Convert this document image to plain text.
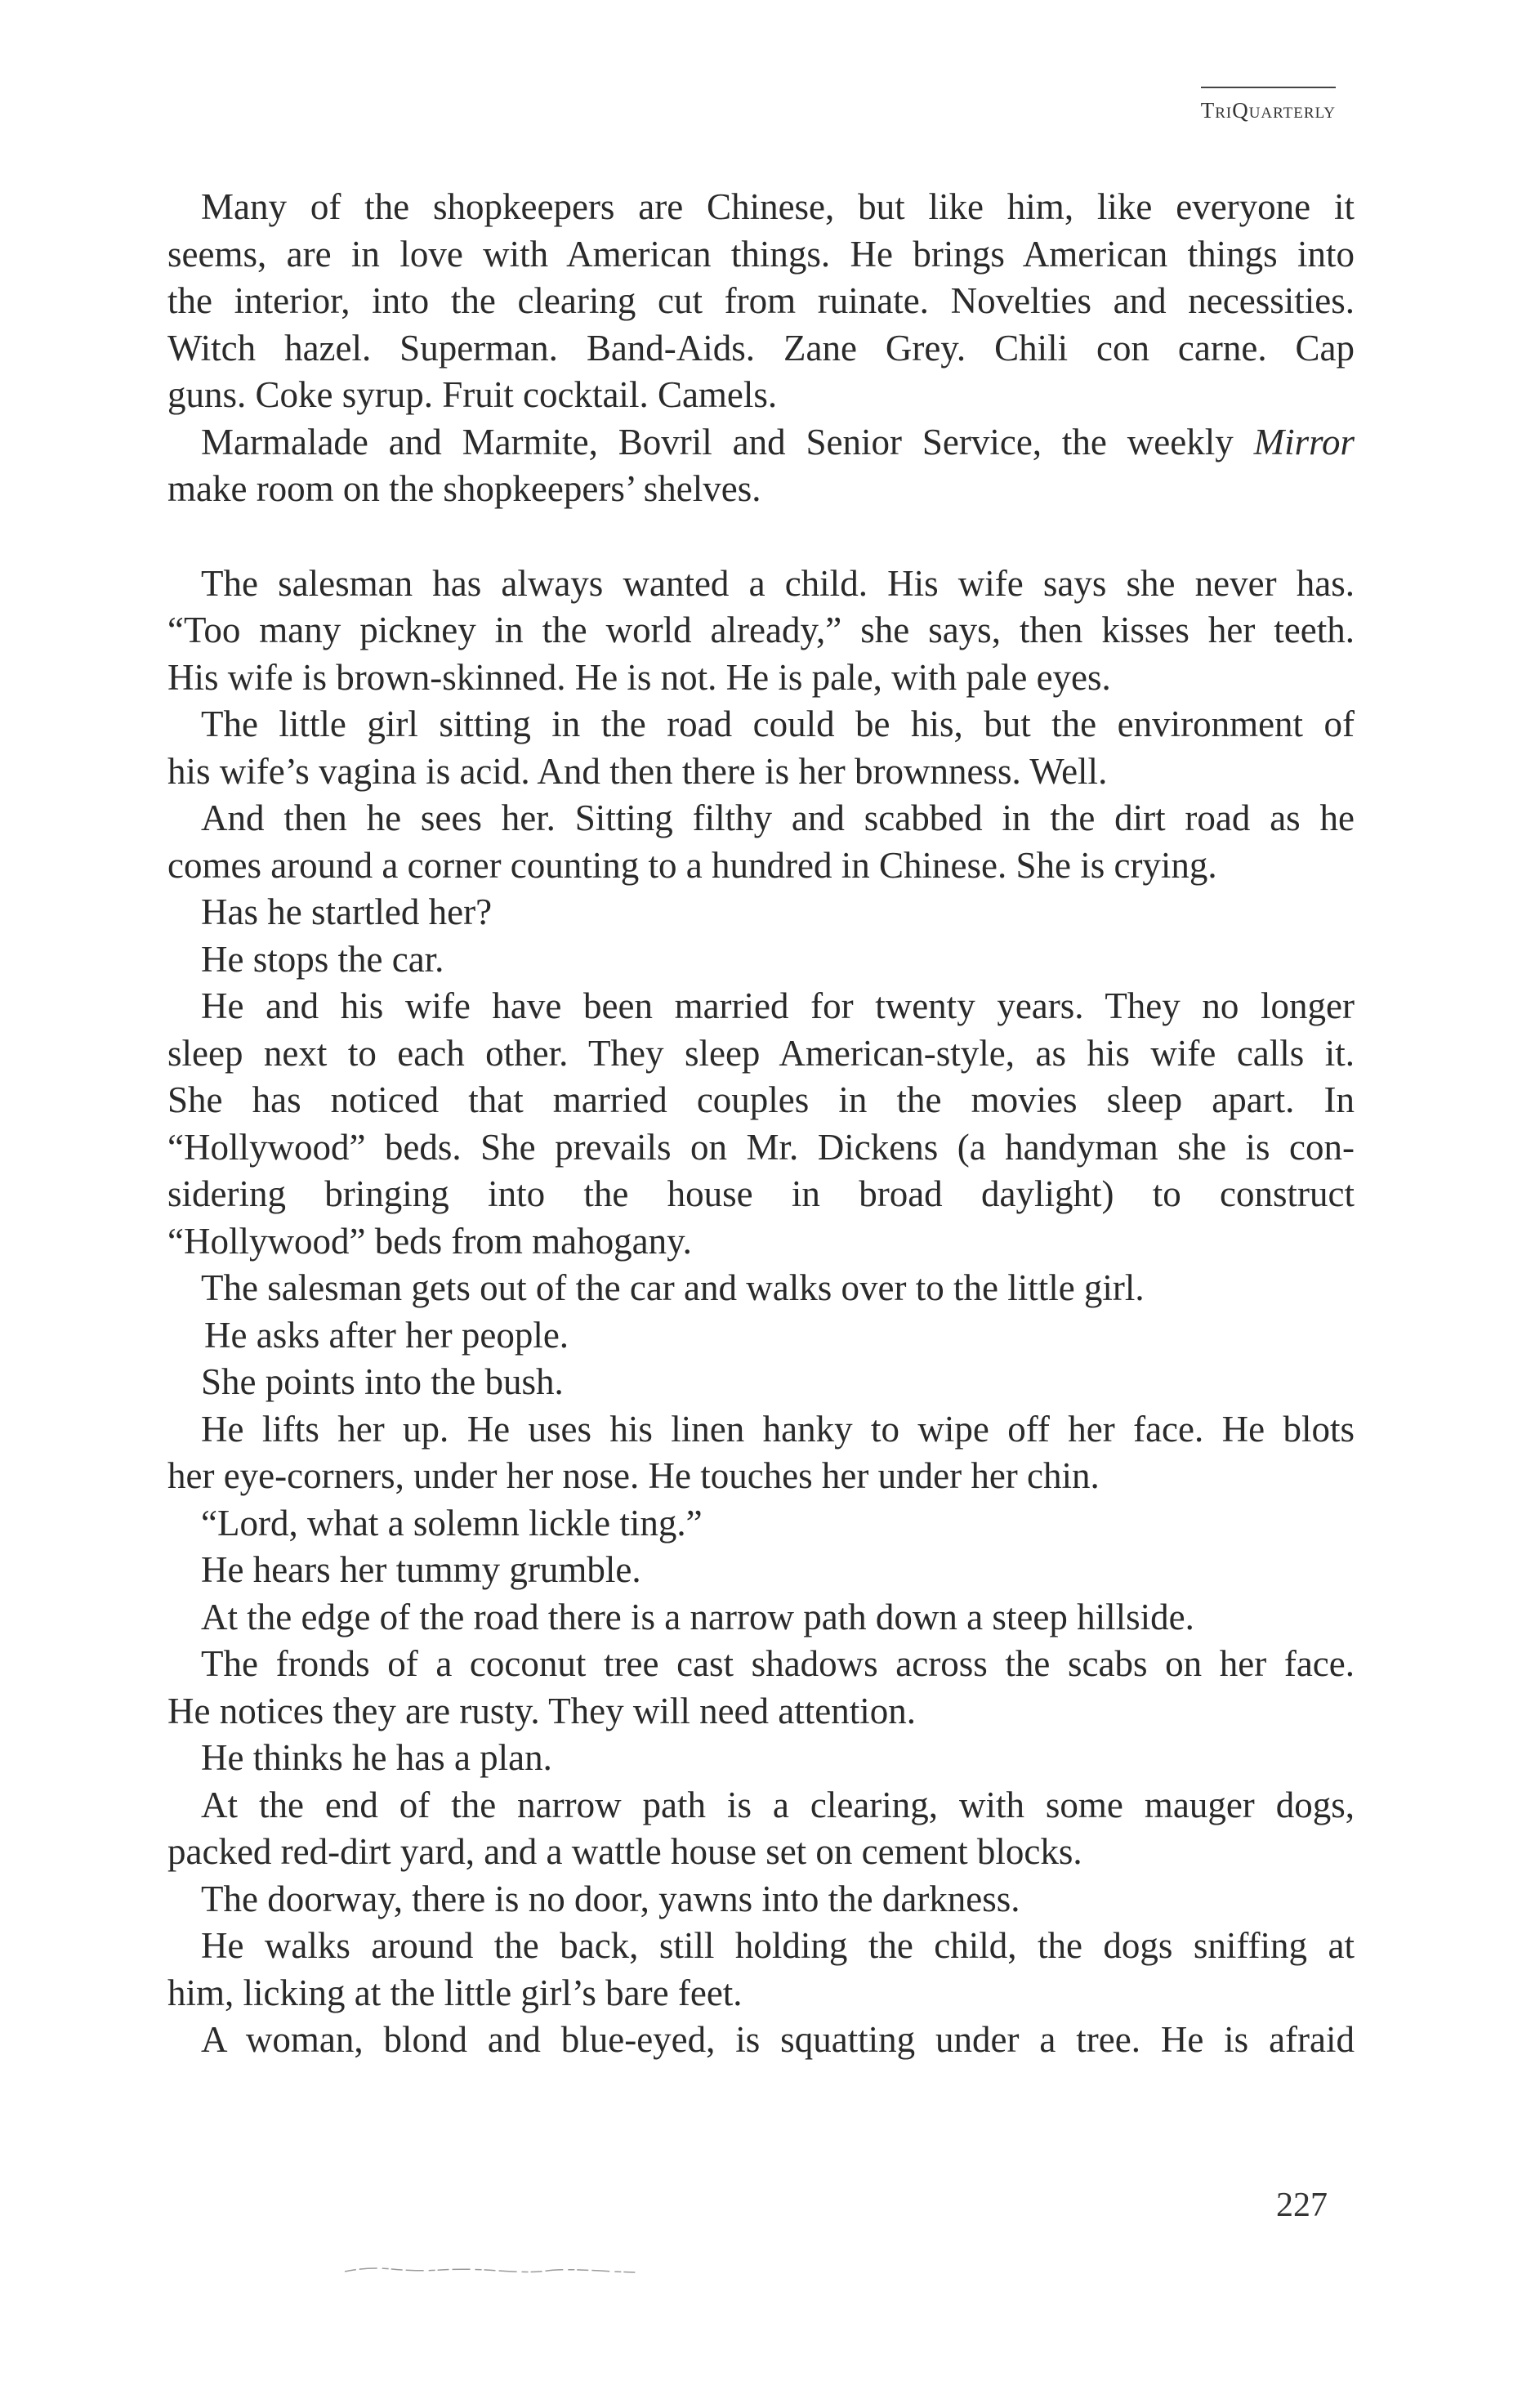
TriQuarterly
Many of the shopkeepers are Chinese, but like him, like everyone it
seems, are in love with American things. He brings American things into
the interior, into the clearing cut from ruinate. Novelties and necessities.
Witch hazel. Superman. Band-Aids. Zane Grey. Chili con carne. Cap
guns. Coke syrup. Fruit cocktail. Camels.
Marmalade and Marmite, Bovril and Senior Service, the weekly Mirror
make room on the shopkeepers’ shelves.
The salesman has always wanted a child. His wife says she never has.
“Too many pickney in the world already,” she says, then kisses her teeth.
His wife is brown-skinned. He is not. He is pale, with pale eyes.
The little girl sitting in the road could be his, but the environment of
his wife’s vagina is acid. And then there is her brownness. Well.
And then he sees her. Sitting filthy and scabbed in the dirt road as he
comes around a corner counting to a hundred in Chinese. She is crying.
Has he startled her?
He stops the car.
He and his wife have been married for twenty years. They no longer
sleep next to each other. They sleep American-style, as his wife calls it.
She has noticed that married couples in the movies sleep apart. In
“Hollywood” beds. She prevails on Mr. Dickens (a handyman she is con-
sidering bringing into the house in broad daylight) to construct
“Hollywood” beds from mahogany.
The salesman gets out of the car and walks over to the little girl.
He asks after her people.
She points into the bush.
He lifts her up. He uses his linen hanky to wipe off her face. He blots
her eye-corners, under her nose. He touches her under her chin.
“Lord, what a solemn lickle ting.”
He hears her tummy grumble.
At the edge of the road there is a narrow path down a steep hillside.
The fronds of a coconut tree cast shadows across the scabs on her face.
He notices they are rusty. They will need attention.
He thinks he has a plan.
At the end of the narrow path is a clearing, with some mauger dogs,
packed red-dirt yard, and a wattle house set on cement blocks.
The doorway, there is no door, yawns into the darkness.
He walks around the back, still holding the child, the dogs sniffing at
him, licking at the little girl’s bare feet.
A woman, blond and blue-eyed, is squatting under a tree. He is afraid
227
